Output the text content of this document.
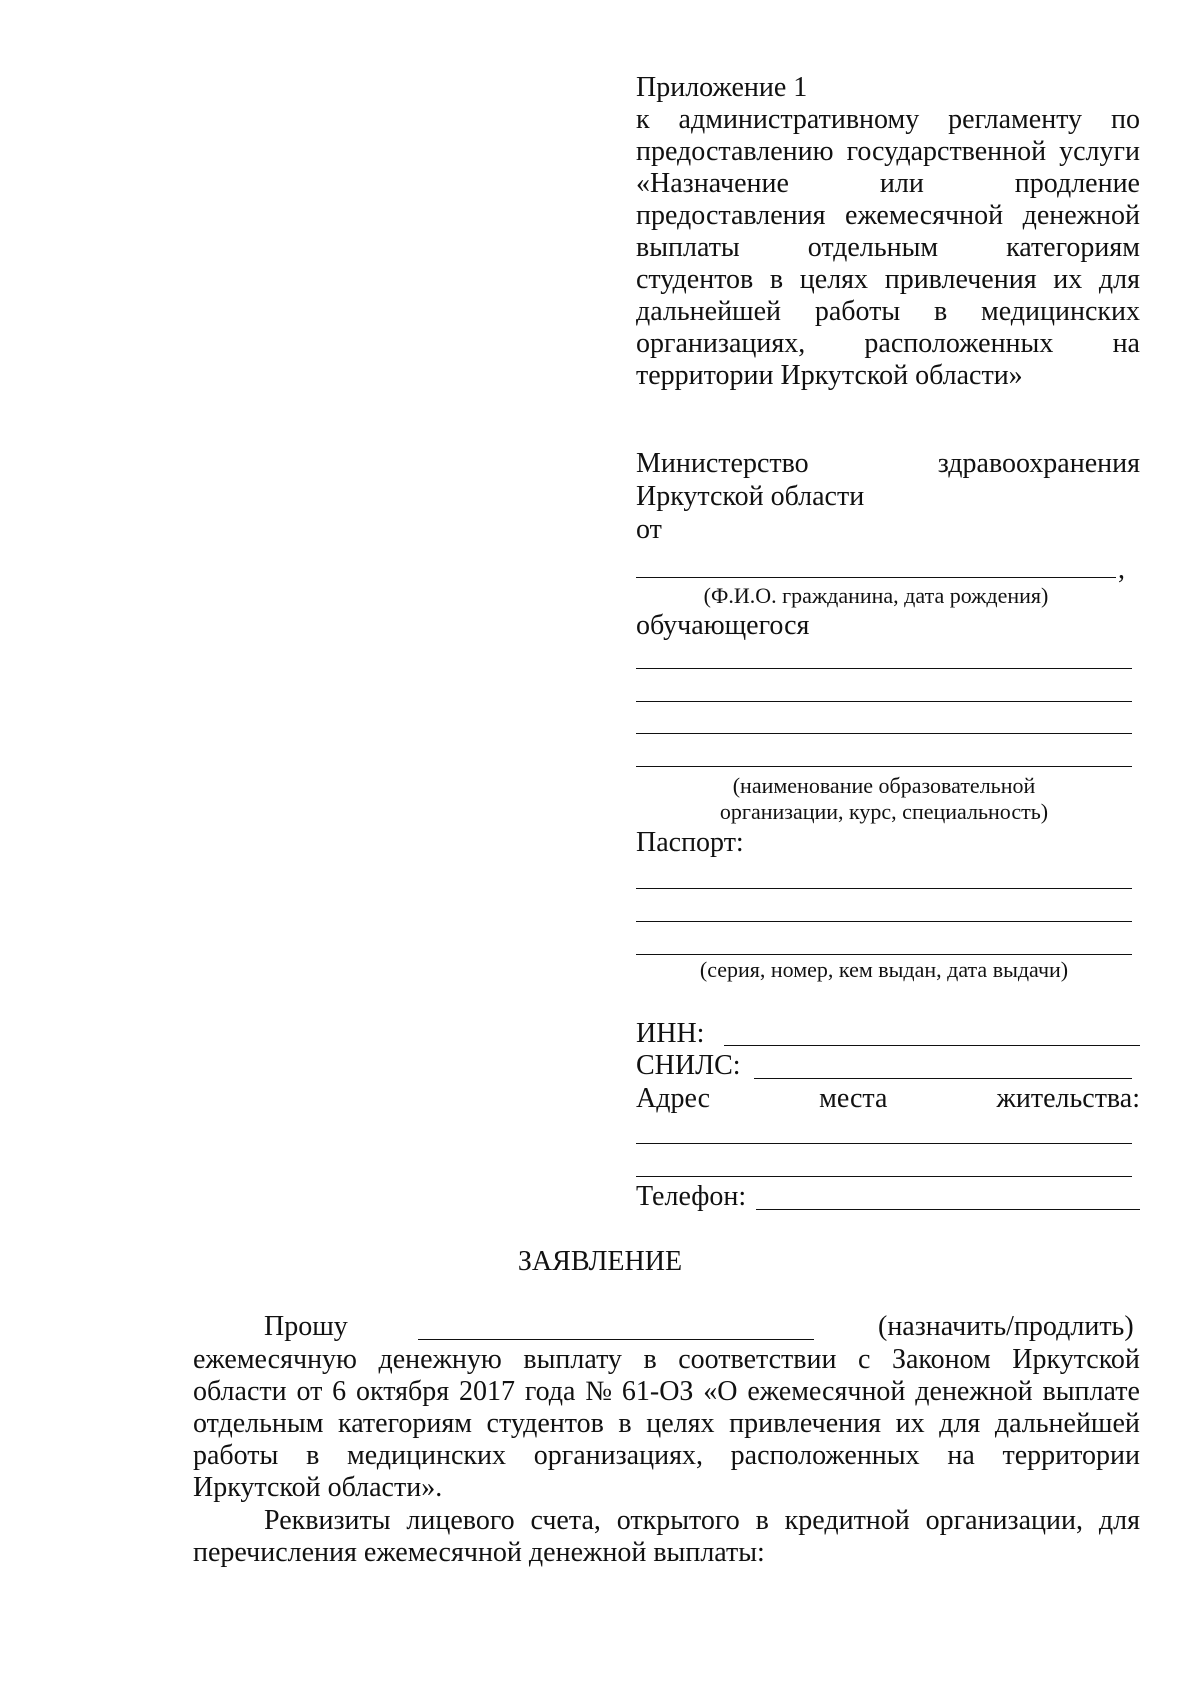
Приложение 1
к административному регламенту по
предоставлению государственной услуги
«Назначение	или	продление
предоставления ежемесячной денежной
выплаты отдельным категориям
студентов в целях привлечения их для
дальнейшей работы в медицинских
организациях, расположенных на
территории Иркутской области»
Министерство	здравоохранения
Иркутской области
от
,
(Ф.И.О. гражданина, дата рождения)
обучающегося
(наименование образовательной
организации, курс, специальность)
Паспорт:
(серия, номер, кем выдан, дата выдачи)
ИНН:
СНИЛС:
Адрес	места	жительства:
Телефон:
ЗАЯВЛЕНИЕ
Прошу	(назначить/продлить)
ежемесячную денежную выплату в соответствии с Законом Иркутской
области от 6 октября 2017 года № 61-ОЗ «О ежемесячной денежной выплате
отдельным категориям студентов в целях привлечения их для дальнейшей
работы в медицинских организациях, расположенных на территории
Иркутской области».
Реквизиты лицевого счета, открытого в кредитной организации, для
перечисления ежемесячной денежной выплаты:
